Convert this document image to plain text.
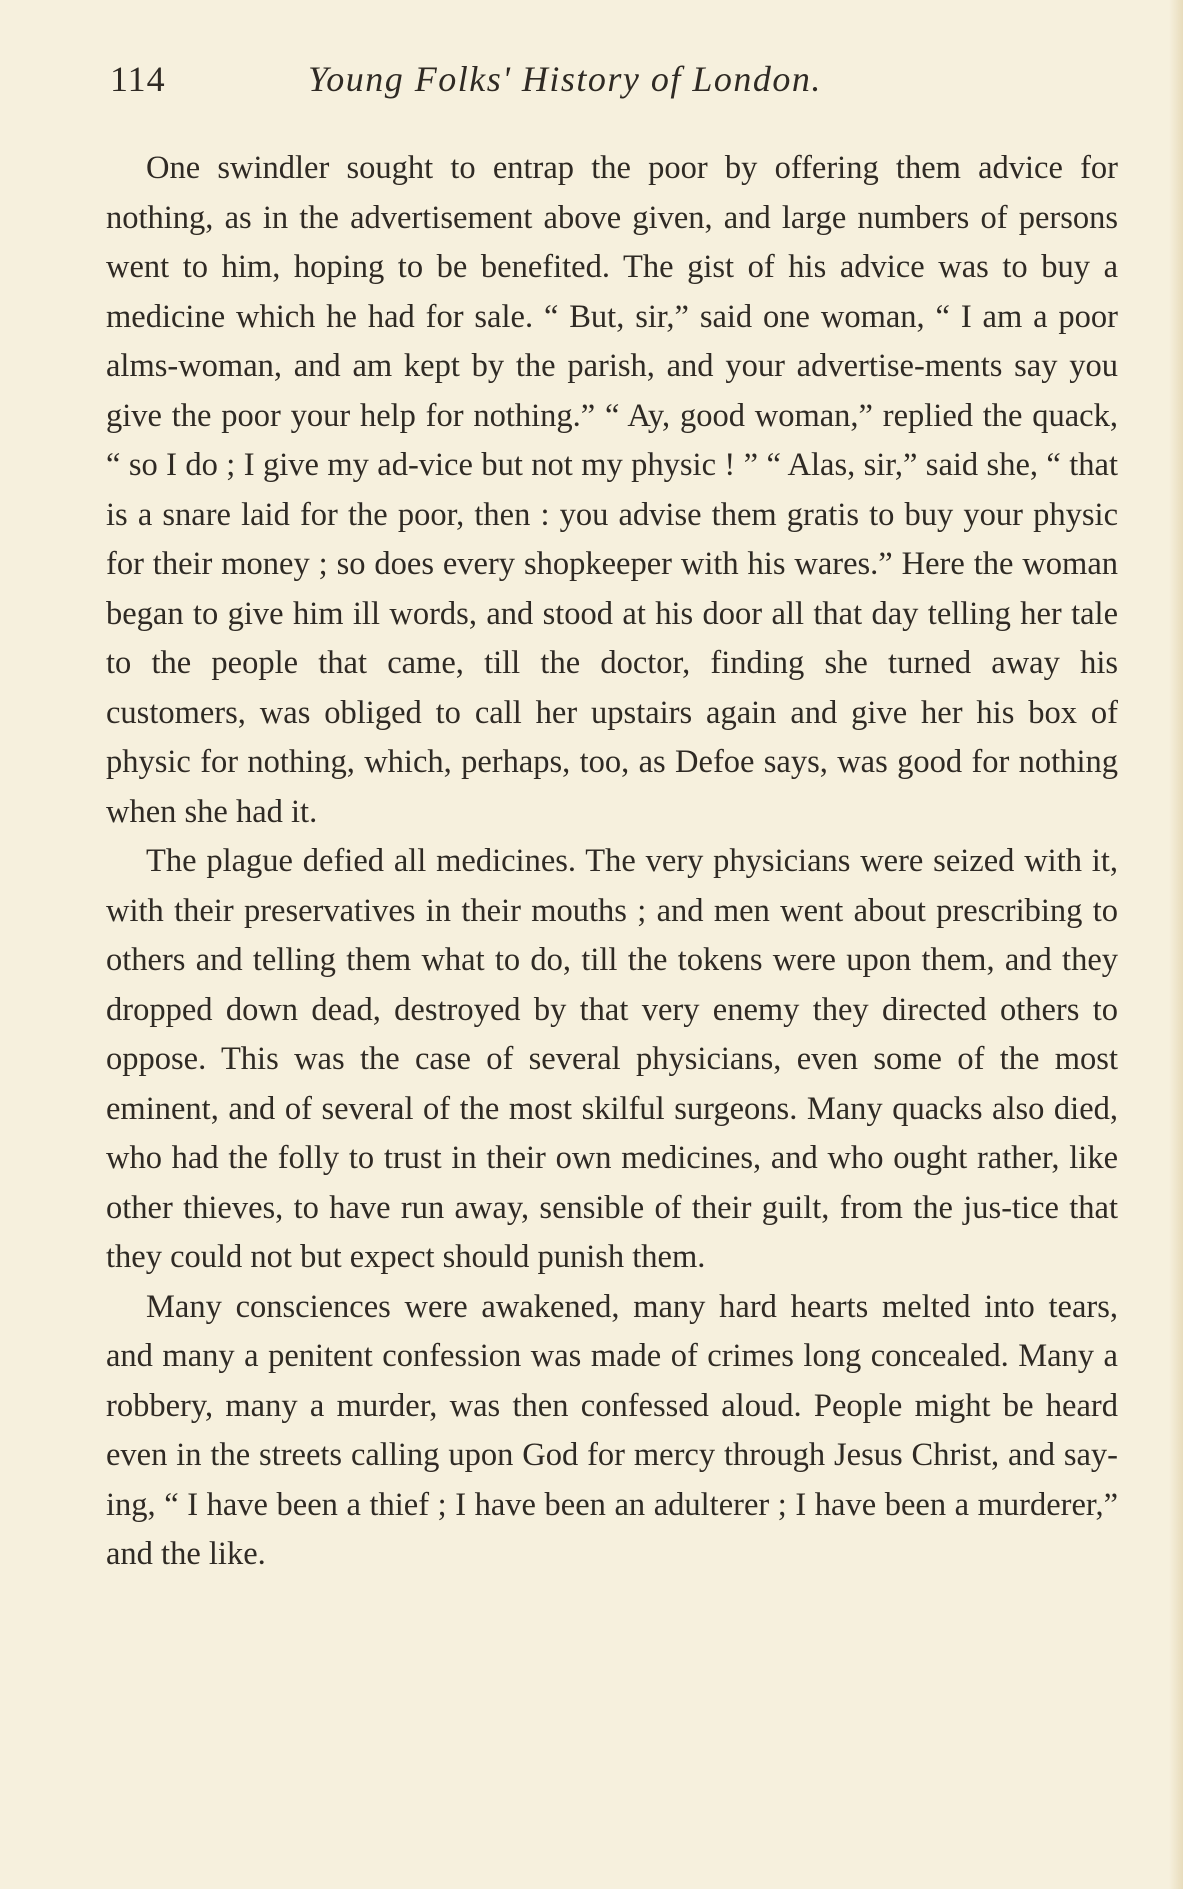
114	Young Folks' History of London.

One swindler sought to entrap the poor by offering them advice for nothing, as in the advertisement above given, and large numbers of persons went to him, hoping to be benefited. The gist of his advice was to buy a medicine which he had for sale. “ But, sir,” said one woman, “ I am a poor alms-woman, and am kept by the parish, and your advertise-ments say you give the poor your help for nothing.” “ Ay, good woman,” replied the quack, “ so I do ; I give my ad-vice but not my physic ! ” “ Alas, sir,” said she, “ that is a snare laid for the poor, then : you advise them gratis to buy your physic for their money ; so does every shopkeeper with his wares.” Here the woman began to give him ill words, and stood at his door all that day telling her tale to the people that came, till the doctor, finding she turned away his customers, was obliged to call her upstairs again and give her his box of physic for nothing, which, perhaps, too, as Defoe says, was good for nothing when she had it.

The plague defied all medicines. The very physicians were seized with it, with their preservatives in their mouths ; and men went about prescribing to others and telling them what to do, till the tokens were upon them, and they dropped down dead, destroyed by that very enemy they directed others to oppose. This was the case of several physicians, even some of the most eminent, and of several of the most skilful surgeons. Many quacks also died, who had the folly to trust in their own medicines, and who ought rather, like other thieves, to have run away, sensible of their guilt, from the jus-tice that they could not but expect should punish them.

Many consciences were awakened, many hard hearts melted into tears, and many a penitent confession was made of crimes long concealed. Many a robbery, many a murder, was then confessed aloud. People might be heard even in the streets calling upon God for mercy through Jesus Christ, and say-ing, “ I have been a thief ; I have been an adulterer ; I have been a murderer,” and the like.
